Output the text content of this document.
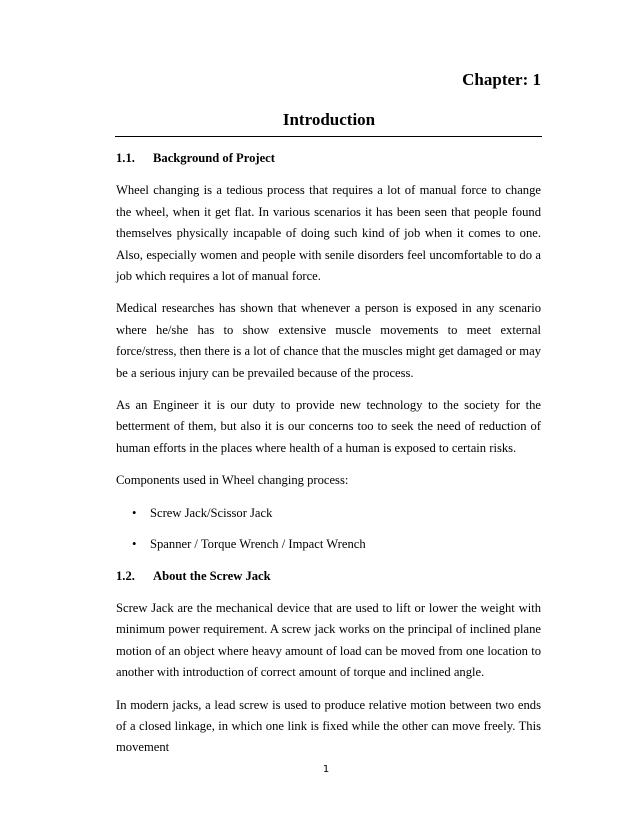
Chapter: 1
Introduction
1.1. Background of Project

Wheel changing is a tedious process that requires a lot of manual force to change the wheel, when it get flat. In various scenarios it has been seen that people found themselves physically incapable of doing such kind of job when it comes to one. Also, especially women and people with senile disorders feel uncomfortable to do a job which requires a lot of manual force.

Medical researches has shown that whenever a person is exposed in any scenario where he/she has to show extensive muscle movements to meet external force/stress, then there is a lot of chance that the muscles might get damaged or may be a serious injury can be prevailed because of the process.

As an Engineer it is our duty to provide new technology to the society for the betterment of them, but also it is our concerns too to seek the need of reduction of human efforts in the places where health of a human is exposed to certain risks.

Components used in Wheel changing process:

• Screw Jack/Scissor Jack
• Spanner / Torque Wrench / Impact Wrench
1.2. About the Screw Jack

Screw Jack are the mechanical device that are used to lift or lower the weight with minimum power requirement. A screw jack works on the principal of inclined plane motion of an object where heavy amount of load can be moved from one location to another with introduction of correct amount of torque and inclined angle.

In modern jacks, a lead screw is used to produce relative motion between two ends of a closed linkage, in which one link is fixed while the other can move freely. This movement

1
